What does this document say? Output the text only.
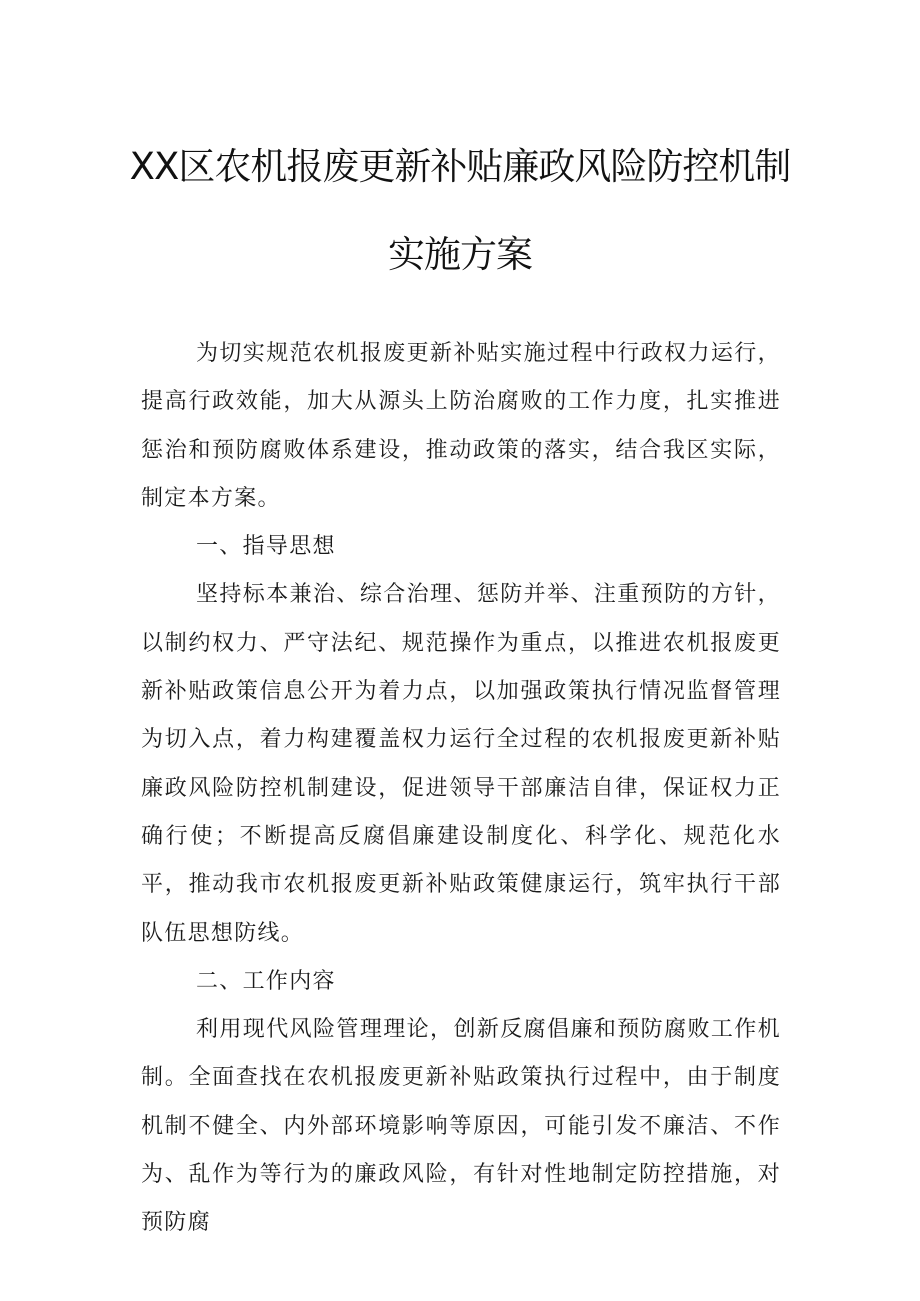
XX区农机报废更新补贴廉政风险防控机制
实施方案

为切实规范农机报废更新补贴实施过程中行政权力运行，提高行政效能，加大从源头上防治腐败的工作力度，扎实推进惩治和预防腐败体系建设，推动政策的落实，结合我区实际，制定本方案。

一、指导思想

坚持标本兼治、综合治理、惩防并举、注重预防的方针，以制约权力、严守法纪、规范操作为重点，以推进农机报废更新补贴政策信息公开为着力点，以加强政策执行情况监督管理为切入点，着力构建覆盖权力运行全过程的农机报废更新补贴廉政风险防控机制建设，促进领导干部廉洁自律，保证权力正确行使；不断提高反腐倡廉建设制度化、科学化、规范化水平，推动我市农机报废更新补贴政策健康运行，筑牢执行干部队伍思想防线。

二、工作内容

利用现代风险管理理论，创新反腐倡廉和预防腐败工作机制。全面查找在农机报废更新补贴政策执行过程中，由于制度机制不健全、内外部环境影响等原因，可能引发不廉洁、不作为、乱作为等行为的廉政风险，有针对性地制定防控措施，对预防腐
